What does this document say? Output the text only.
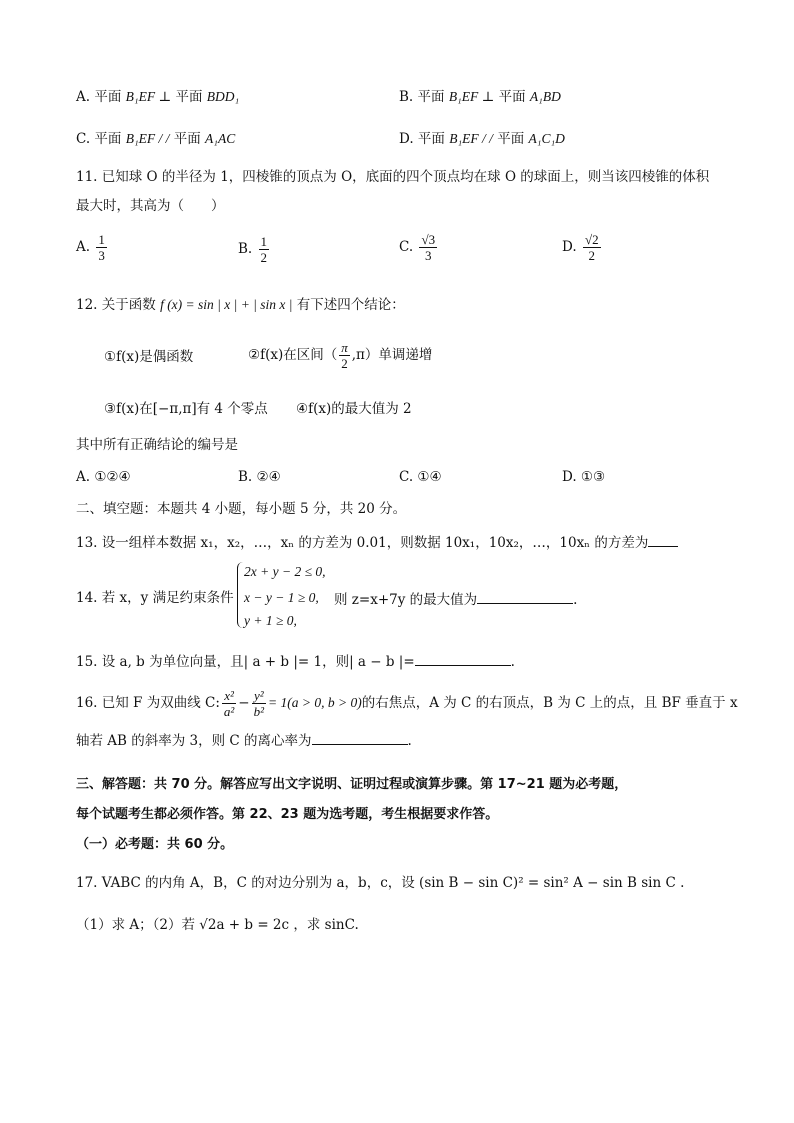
A. 平面 B₁EF ⊥ 平面 BDD₁	B. 平面 B₁EF ⊥ 平面 A₁BD
C. 平面 B₁EF / / 平面 A₁AC	D. 平面 B₁EF / / 平面 A₁C₁D
11. 已知球 O 的半径为 1，四棱锥的顶点为 O，底面的四个顶点均在球 O 的球面上，则当该四棱锥的体积
最大时，其高为（　　）
A. $\frac{1}{3}$	B. $\frac{1}{2}$	C. $\frac{√3}{3}$	D. $\frac{√2}{2}$
12. 关于函数 f (x) = sin | x | + | sin x | 有下述四个结论：
①f(x)是偶函数	②f(x)在区间（ $\frac{\pi}{2} ,\pi$）单调递增
③f(x)在[−π,π]有 4 个零点 ④f(x)的最大值为 2
其中所有正确结论的编号是
A. ①②④	B. ②④	C. ①④	D. ①③
二、填空题：本题共 4 小题，每小题 5 分，共 20 分。
13. 设一组样本数据 x₁，x₂，…，xₙ 的方差为 0.01，则数据 10x₁，10x₂，…，10xₙ 的方差为
14. 若 x，y 满足约束条件
2x + y − 2 ≤ 0,
x − y − 1 ≥ 0,
y + 1 ≥ 0,
则 z=x+7y 的最大值为	.
15. 设 a, b 为单位向量，且| a + b |= 1，则| a − b |=	.
16. 已知 F 为双曲线 C: $\frac{\text{x²}}{\text{a²}} - \frac{\text{y²}}{\text{b²}} = 1(a > 0$, b > 0)的右焦点，A 为 C 的右顶点，B 为 C 上的点，且 BF 垂直于 x
轴若 AB 的斜率为 3，则 C 的离心率为	.
三、解答题：共 70 分。解答应写出文字说明、证明过程或演算步骤。第 17~21 题为必考题，
每个试题考生都必须作答。第 22、23 题为选考题，考生根据要求作答。
（一）必考题：共 60 分。
17. VABC 的内角 A，B，C 的对边分别为 a，b，c，设 (sin B − sin C)² = sin² A − sin B sin C .
（1）求 A；（2）若 √2a + b = 2c ，求 sinC.
